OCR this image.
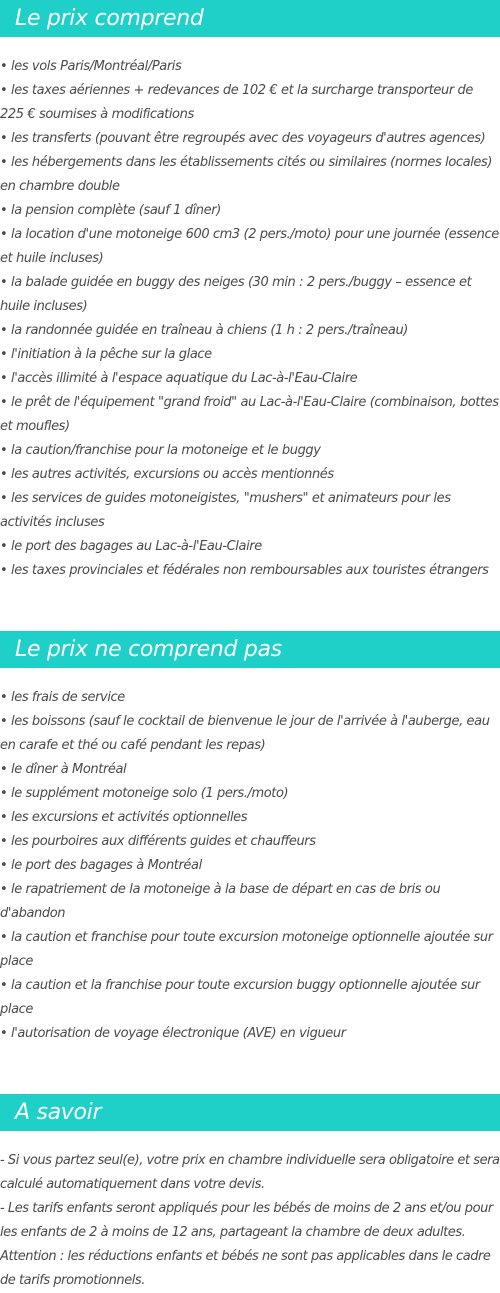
Le prix comprend
• les vols Paris/Montréal/Paris
• les taxes aériennes + redevances de 102 € et la surcharge transporteur de 225 € soumises à modifications
• les transferts (pouvant être regroupés avec des voyageurs d'autres agences)
• les hébergements dans les établissements cités ou similaires (normes locales) en chambre double
• la pension complète (sauf 1 dîner)
• la location d'une motoneige 600 cm3 (2 pers./moto) pour une journée (essence et huile incluses)
• la balade guidée en buggy des neiges (30 min : 2 pers./buggy – essence et huile incluses)
• la randonnée guidée en traîneau à chiens (1 h : 2 pers./traîneau)
• l'initiation à la pêche sur la glace
• l'accès illimité à l'espace aquatique du Lac-à-l'Eau-Claire
• le prêt de l'équipement "grand froid" au Lac-à-l'Eau-Claire (combinaison, bottes et moufles)
• la caution/franchise pour la motoneige et le buggy
• les autres activités, excursions ou accès mentionnés
• les services de guides motoneigistes, "mushers" et animateurs pour les activités incluses
• le port des bagages au Lac-à-l'Eau-Claire
• les taxes provinciales et fédérales non remboursables aux touristes étrangers
Le prix ne comprend pas
• les frais de service
• les boissons (sauf le cocktail de bienvenue le jour de l'arrivée à l'auberge, eau en carafe et thé ou café pendant les repas)
• le dîner à Montréal
• le supplément motoneige solo (1 pers./moto)
• les excursions et activités optionnelles
• les pourboires aux différents guides et chauffeurs
• le port des bagages à Montréal
• le rapatriement de la motoneige à la base de départ en cas de bris ou d'abandon
• la caution et franchise pour toute excursion motoneige optionnelle ajoutée sur place
• la caution et la franchise pour toute excursion buggy optionnelle ajoutée sur place
• l'autorisation de voyage électronique (AVE) en vigueur
A savoir

- Si vous partez seul(e), votre prix en chambre individuelle sera obligatoire et sera calculé automatiquement dans votre devis.

- Les tarifs enfants seront appliqués pour les bébés de moins de 2 ans et/ou pour les enfants de 2 à moins de 12 ans, partageant la chambre de deux adultes. Attention : les réductions enfants et bébés ne sont pas applicables dans le cadre de tarifs promotionnels.
